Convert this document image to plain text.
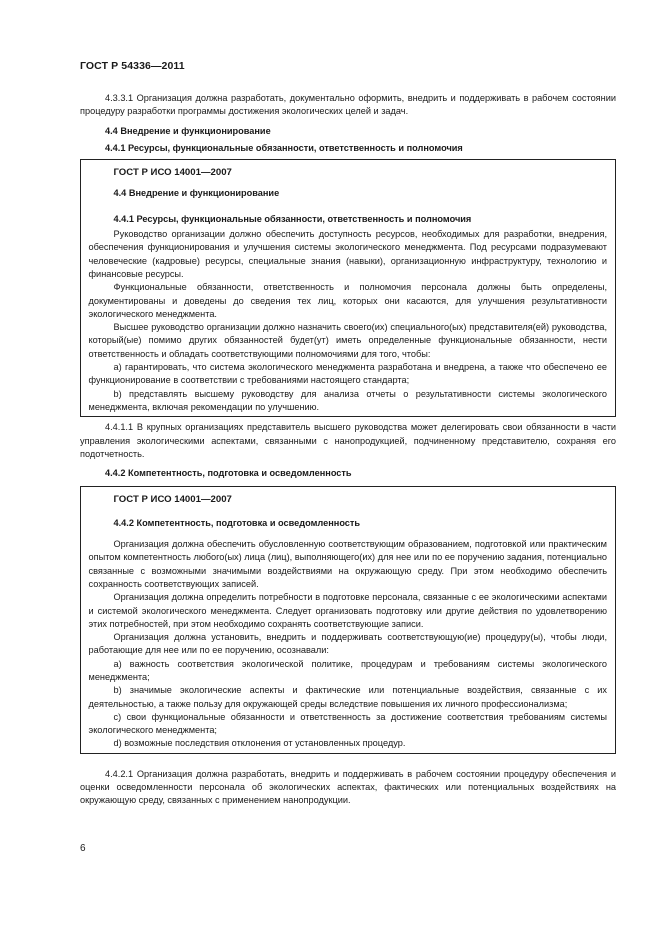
ГОСТ Р 54336—2011

4.3.3.1 Организация должна разработать, документально оформить, внедрить и поддерживать в рабочем состоянии процедуру разработки программы достижения экологических целей и задач.

4.4 Внедрение и функционирование

4.4.1 Ресурсы, функциональные обязанности, ответственность и полномочия

ГОСТ Р ИСО 14001—2007

4.4 Внедрение и функционирование

4.4.1 Ресурсы, функциональные обязанности, ответственность и полномочия

Руководство организации должно обеспечить доступность ресурсов, необходимых для разработки, внедрения, обеспечения функционирования и улучшения системы экологического менеджмента. Под ресурсами подразумевают человеческие (кадровые) ресурсы, специальные знания (навыки), организационную инфраструктуру, технологию и финансовые ресурсы.

Функциональные обязанности, ответственность и полномочия персонала должны быть определены, документированы и доведены до сведения тех лиц, которых они касаются, для улучшения результативности экологического менеджмента.

Высшее руководство организации должно назначить своего(их) специального(ых) представителя(ей) руководства, который(ые) помимо других обязанностей будет(ут) иметь определенные функциональные обязанности, нести ответственность и обладать соответствующими полномочиями для того, чтобы:

а) гарантировать, что система экологического менеджмента разработана и внедрена, а также что обеспечено ее функционирование в соответствии с требованиями настоящего стандарта;

b) представлять высшему руководству для анализа отчеты о результативности системы экологического менеджмента, включая рекомендации по улучшению.

4.4.1.1 В крупных организациях представитель высшего руководства может делегировать свои обязанности в части управления экологическими аспектами, связанными с нанопродукцией, подчиненному представителю, сохраняя его подотчетность.

4.4.2 Компетентность, подготовка и осведомленность

ГОСТ Р ИСО 14001—2007

4.4.2 Компетентность, подготовка и осведомленность

Организация должна обеспечить обусловленную соответствующим образованием, подготовкой или практическим опытом компетентность любого(ых) лица (лиц), выполняющего(их) для нее или по ее поручению задания, потенциально связанные с возможными значимыми воздействиями на окружающую среду. При этом необходимо обеспечить сохранность соответствующих записей.

Организация должна определить потребности в подготовке персонала, связанные с ее экологическими аспектами и системой экологического менеджмента. Следует организовать подготовку или другие действия по удовлетворению этих потребностей, при этом необходимо сохранять соответствующие записи.

Организация должна установить, внедрить и поддерживать соответствующую(ие) процедуру(ы), чтобы люди, работающие для нее или по ее поручению, осознавали:

а) важность соответствия экологической политике, процедурам и требованиям системы экологического менеджмента;

b) значимые экологические аспекты и фактические или потенциальные воздействия, связанные с их деятельностью, а также пользу для окружающей среды вследствие повышения их личного профессионализма;

c) свои функциональные обязанности и ответственность за достижение соответствия требованиям системы экологического менеджмента;

d) возможные последствия отклонения от установленных процедур.

4.4.2.1 Организация должна разработать, внедрить и поддерживать в рабочем состоянии процедуру обеспечения и оценки осведомленности персонала об экологических аспектах, фактических или потенциальных воздействиях на окружающую среду, связанных с применением нанопродукции.

6
